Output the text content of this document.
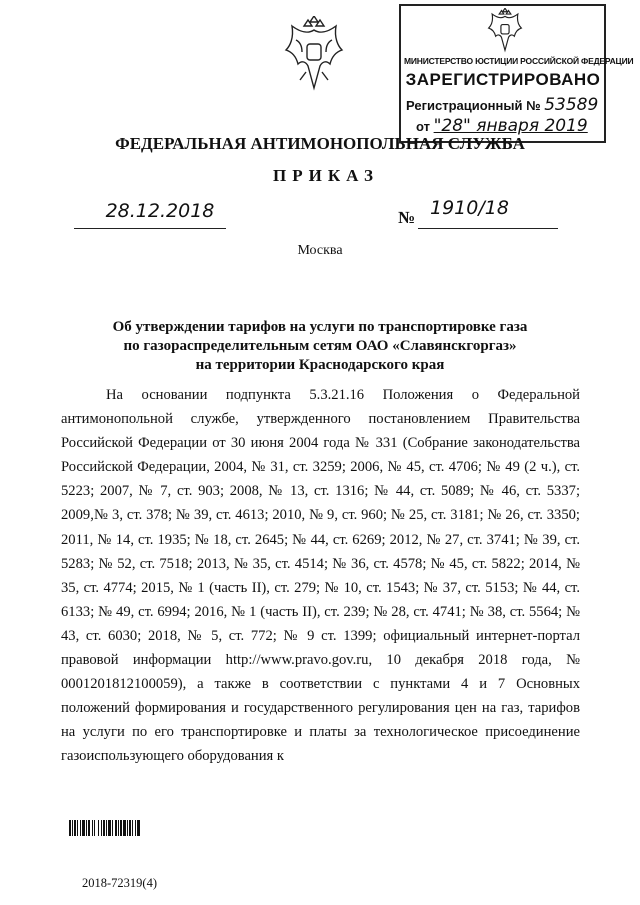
МИНИСТЕРСТВО ЮСТИЦИИ РОССИЙСКОЙ ФЕДЕРАЦИИ
ЗАРЕГИСТРИРОВАНО
Регистрационный № 53589
от "28" января 2019
ФЕДЕРАЛЬНАЯ АНТИМОНОПОЛЬНАЯ СЛУЖБА
ПРИКАЗ
28.12.2018	№ 1910/18
Москва
Об утверждении тарифов на услуги по транспортировке газа
по газораспределительным сетям ОАО «Славянскгоргаз»
на территории Краснодарского края
На основании подпункта 5.3.21.16 Положения о Федеральной антимонопольной службе, утвержденного постановлением Правительства Российской Федерации от 30 июня 2004 года № 331 (Собрание законодательства Российской Федерации, 2004, № 31, ст. 3259; 2006, № 45, ст. 4706; № 49 (2 ч.), ст. 5223; 2007, № 7, ст. 903; 2008, № 13, ст. 1316; № 44, ст. 5089; № 46, ст. 5337; 2009,№ 3, ст. 378; № 39, ст. 4613; 2010, № 9, ст. 960; № 25, ст. 3181; № 26, ст. 3350; 2011, № 14, ст. 1935; № 18, ст. 2645; № 44, ст. 6269; 2012, № 27, ст. 3741; № 39, ст. 5283; № 52, ст. 7518; 2013, № 35, ст. 4514; № 36, ст. 4578; № 45, ст. 5822; 2014, № 35, ст. 4774; 2015, № 1 (часть II), ст. 279; № 10, ст. 1543; № 37, ст. 5153; № 44, ст. 6133; № 49, ст. 6994; 2016, № 1 (часть II), ст. 239; № 28, ст. 4741; № 38, ст. 5564; № 43, ст. 6030; 2018, № 5, ст. 772; № 9 ст. 1399; официальный интернет-портал правовой информации http://www.pravo.gov.ru, 10 декабря 2018 года, № 0001201812100059), а также в соответствии с пунктами 4 и 7 Основных положений формирования и государственного регулирования цен на газ, тарифов на услуги по его транспортировке и платы за технологическое присоединение газоиспользующего оборудования к
2018-72319(4)
